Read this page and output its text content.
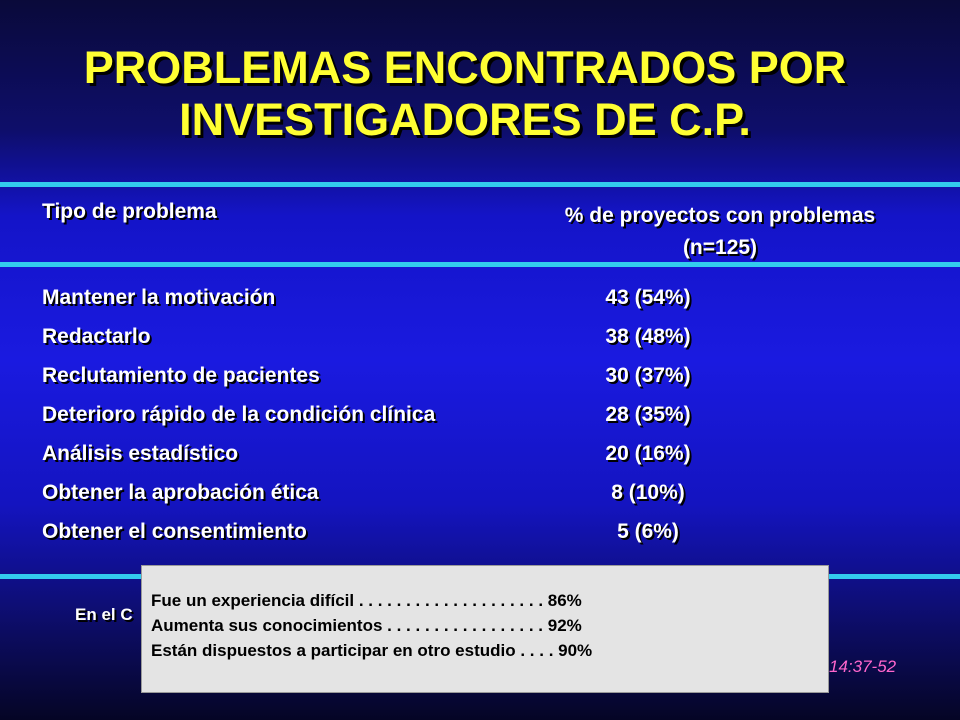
PROBLEMAS ENCONTRADOS POR
INVESTIGADORES DE C.P.
Tipo de problema	% de proyectos con problemas
(n=125)
Mantener la motivación	43 (54%)
Redactarlo	38 (48%)
Reclutamiento de pacientes	30 (37%)
Deterioro rápido de la condición clínica	28 (35%)
Análisis estadístico	20 (16%)
Obtener la aprobación ética	8 (10%)
Obtener el consentimiento	5 (6%)
En el C
14:37-52
Fue un experiencia difícil . . . . . . . . . . . . . . . . . . . . 86%
Aumenta sus conocimientos . . . . . . . . . . . . . . . . . 92%
Están dispuestos a participar en otro estudio . . . . 90%
